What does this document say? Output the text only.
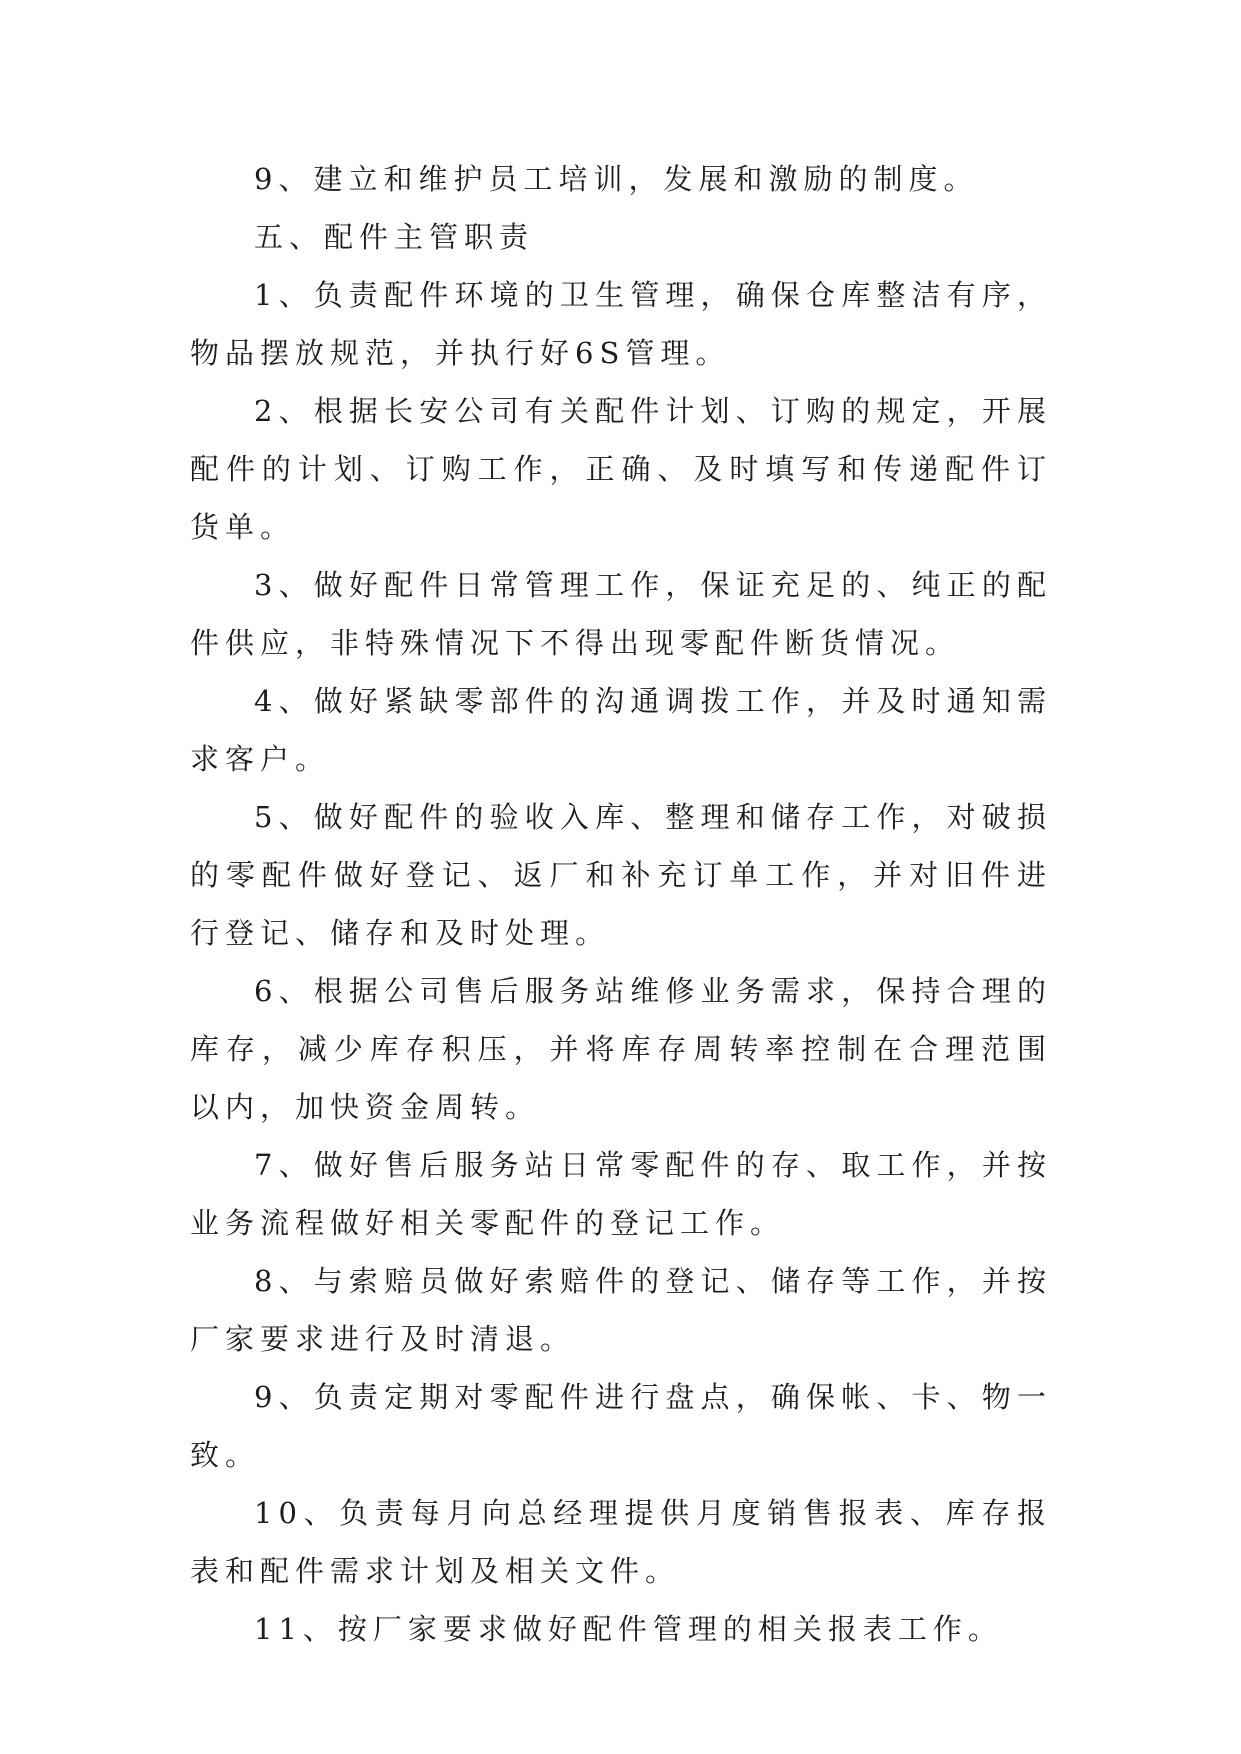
9、建立和维护员工培训，发展和激励的制度。

五、配件主管职责

1、负责配件环境的卫生管理，确保仓库整洁有序，物品摆放规范，并执行好6S管理。

2、根据长安公司有关配件计划、订购的规定，开展配件的计划、订购工作，正确、及时填写和传递配件订货单。

3、做好配件日常管理工作，保证充足的、纯正的配件供应，非特殊情况下不得出现零配件断货情况。

4、做好紧缺零部件的沟通调拨工作，并及时通知需求客户。

5、做好配件的验收入库、整理和储存工作，对破损的零配件做好登记、返厂和补充订单工作，并对旧件进行登记、储存和及时处理。

6、根据公司售后服务站维修业务需求，保持合理的库存，减少库存积压，并将库存周转率控制在合理范围以内，加快资金周转。

7、做好售后服务站日常零配件的存、取工作，并按业务流程做好相关零配件的登记工作。

8、与索赔员做好索赔件的登记、储存等工作，并按厂家要求进行及时清退。

9、负责定期对零配件进行盘点，确保帐、卡、物一致。

10、负责每月向总经理提供月度销售报表、库存报表和配件需求计划及相关文件。

11、按厂家要求做好配件管理的相关报表工作。
